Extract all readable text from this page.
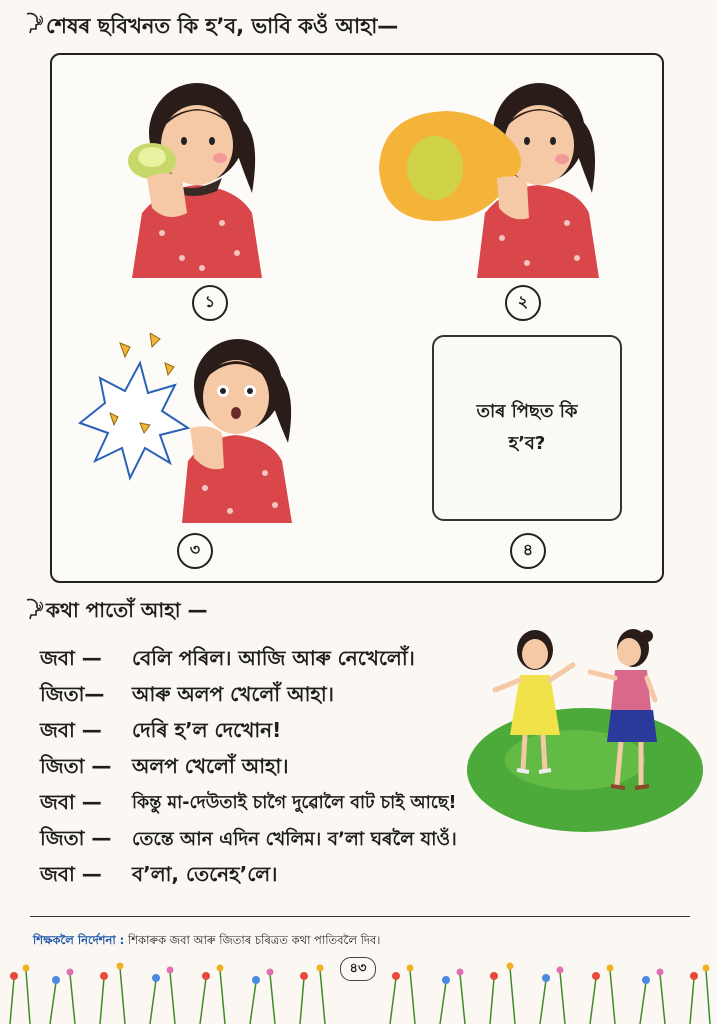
শেষৰ ছবিখনত কি হ’ব, ভাবি কওঁ আহা—
১	২
৩
তাৰ পিছত কি
হ’ব?
৪
কথা পাতোঁ আহা —
জবা — বেলি পৰিল। আজি আৰু নেখেলোঁ।
জিতা— আৰু অলপ খেলোঁ আহা।
জবা — দেৰি হ’ল দেখোন!
জিতা — অলপ খেলোঁ আহা।
জবা — কিন্তু মা-দেউতাই চাগৈ দুৱোলৈ বাট চাই আছে!
জিতা — তেন্তে আন এদিন খেলিম। ব’লা ঘৰলৈ যাওঁ।
জবা — ব’লা, তেনেহ’লে।
শিক্ষকলৈ নিৰ্দেশনা : শিকাৰুক জবা আৰু জিতাৰ চৰিত্ৰত কথা পাতিবলৈ দিব।
৪৩
